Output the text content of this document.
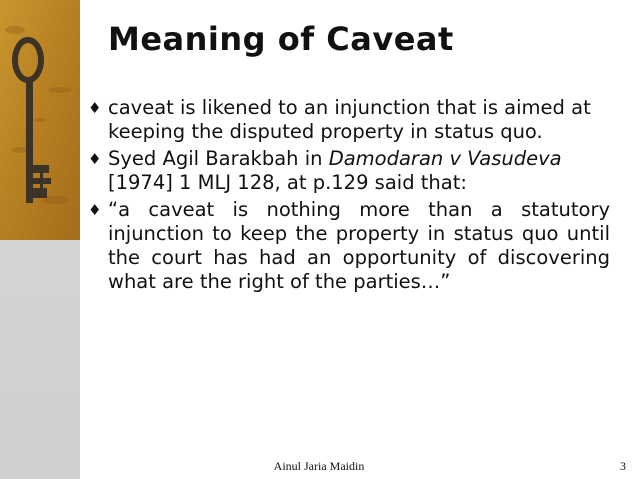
Meaning of Caveat
♦ caveat is likened to an injunction that is aimed at keeping the disputed property in status quo.
♦ Syed Agil Barakbah in Damodaran v Vasudeva [1974] 1 MLJ 128, at p.129 said that:
♦ “a caveat is nothing more than a statutory injunction to keep the property in status quo until the court has had an opportunity of discovering what are the right of the parties…”
Ainul Jaria Maidin	3
